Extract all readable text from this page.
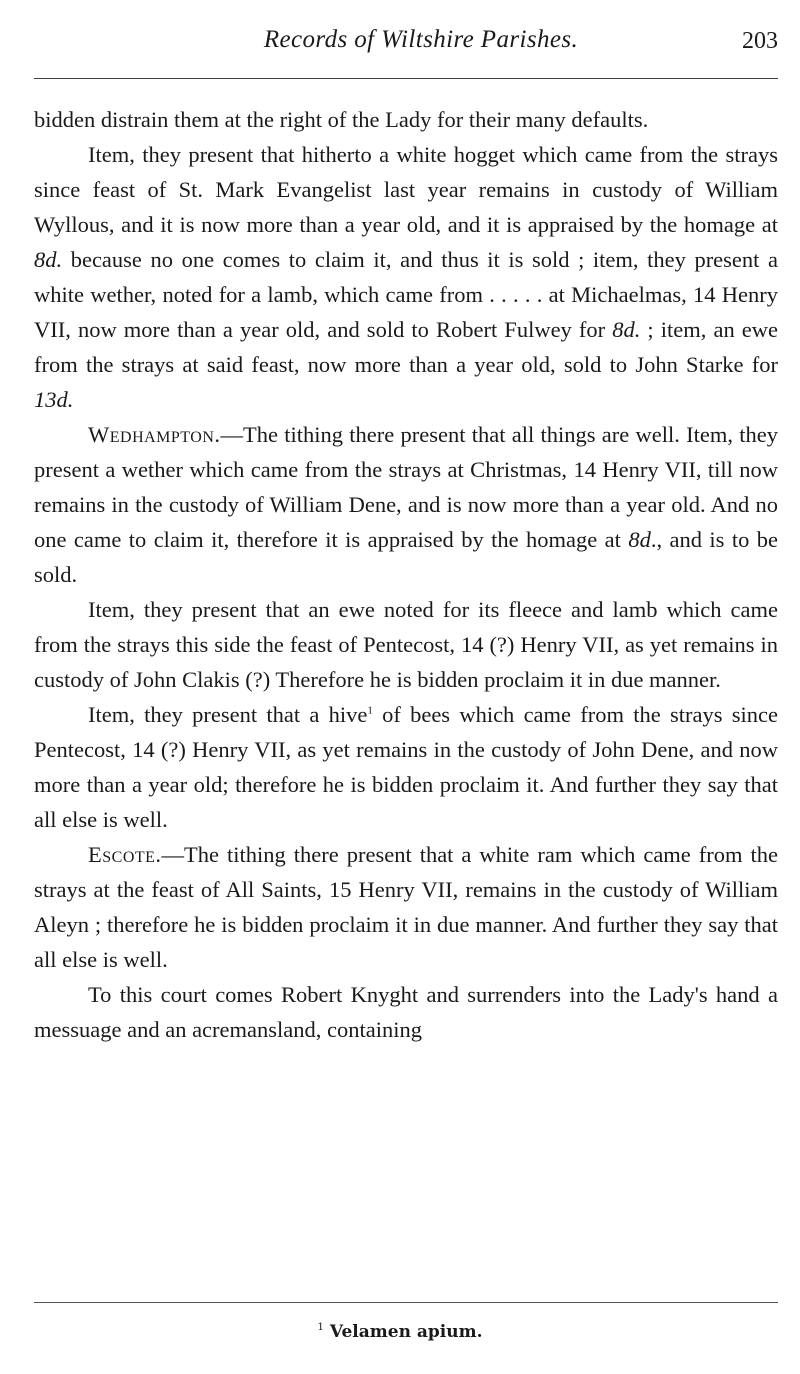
Records of Wiltshire Parishes.	203

bidden distrain them at the right of the Lady for their many defaults.

Item, they present that hitherto a white hogget which came from the strays since feast of St. Mark Evangelist last year remains in custody of William Wyllous, and it is now more than a year old, and it is appraised by the homage at 8d. because no one comes to claim it, and thus it is sold ; item, they present a white wether, noted for a lamb, which came from . . . . . at Michaelmas, 14 Henry VII, now more than a year old, and sold to Robert Fulwey for 8d. ; item, an ewe from the strays at said feast, now more than a year old, sold to John Starke for 13d.

Wedhampton.—The tithing there present that all things are well. Item, they present a wether which came from the strays at Christmas, 14 Henry VII, till now remains in the custody of William Dene, and is now more than a year old. And no one came to claim it, therefore it is appraised by the homage at 8d., and is to be sold.

Item, they present that an ewe noted for its fleece and lamb which came from the strays this side the feast of Pentecost, 14 (?) Henry VII, as yet remains in custody of John Clakis (?) Therefore he is bidden proclaim it in due manner.

Item, they present that a hive$^1$ of bees which came from the strays since Pentecost, 14 (?) Henry VII, as yet remains in the custody of John Dene, and now more than a year old; therefore he is bidden proclaim it. And further they say that all else is well.

Escote.—The tithing there present that a white ram which came from the strays at the feast of All Saints, 15 Henry VII, remains in the custody of William Aleyn ; therefore he is bidden proclaim it in due manner. And further they say that all else is well.

To this court comes Robert Knyght and surrenders into the Lady's hand a messuage and an acremansland, containing

$^1$ Velamen apium.
